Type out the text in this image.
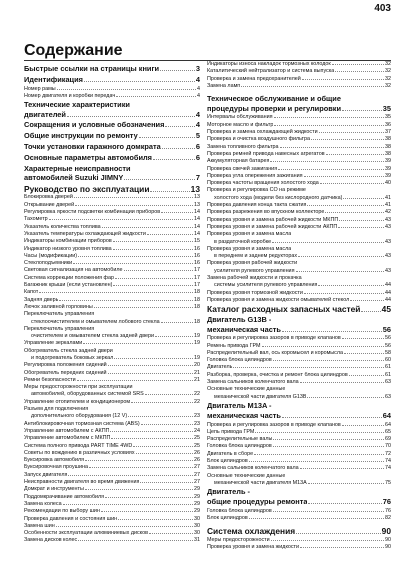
403
Содержание
Быстрые ссылки на страницы книги	3
Идентификация	4
Номер рамы	4
Номер двигателя и коробки передач	4
Технические характеристики
двигателей	4
Сокращения и условные обозначения	4
Общие инструкции по ремонту	5
Точки установки гаражного домкрата	6
Основные параметры автомобиля	6
Характерные неисправности
автомобилей Suzuki JIMNY	7
Руководство по эксплуатации	13
Блокировка дверей	13
Открывание дверей	13
Регулировка яркости подсветки комбинации приборов	14
Тахометр	14
Указатель количества топлива	14
Указатель температуры охлаждающей жидкости	14
Индикаторы комбинации приборов	15
Индикатор низкого уровня топлива	16
Часы (модификации)	16
Стеклоподъемники	16
Световая сигнализация на автомобиле	17
Система коррекции положения фар	17
Багажник крыши (если установлен)	17
Капот	18
Задняя дверь	18
Лючок заливной горловины	18
Переключатель управления
стеклоочистителем и омывателем лобового стекла	18
Переключатель управления
очистителем и омывателем стекла задней двери	19
Управление зеркалами	19
Обогреватель стекла задней двери
и подогреватель боковых зеркал	19
Регулировка положения сидений	20
Обогреватель передних сидений	21
Ремни безопасности	21
Меры предосторожности при эксплуатации
автомобилей, оборудованных системой SRS	22
Управление отопителем и кондиционером	22
Разъем для подключения
дополнительного оборудования (12 V)	23
Антиблокировочная тормозная система (ABS)	23
Управление автомобилем с АКПП	24
Управление автомобилем с МКПП	25
Система полного привода PART TIME 4WD	25
Советы по вождению в различных условиях	26
Буксировка автомобиля	26
Буксировочная проушина	27
Запуск двигателя	27
Неисправности двигателя во время движения	27
Домкрат и инструменты	29
Поддомкрачивание автомобиля	29
Замена колеса	29
Рекомендации по выбору шин	29
Проверка давления и состояния шин	30
Замена шин	30
Особенности эксплуатации алюминиевых дисков	30
Замена дисков колес	31
Индикаторы износа накладок тормозных колодок	32
Каталитический нейтрализатор и система выпуска	32
Проверка и замена предохранителей	32
Замена ламп	32
Техническое обслуживание и общие
процедуры проверки и регулировки	35
Интервалы обслуживания	35
Моторное масло и фильтр	36
Проверка и замена охлаждающей жидкости	37
Проверка и очистка воздушного фильтра	38
Замена топливного фильтра	38
Проверка ремней привода навесных агрегатов	38
Аккумуляторная батарея	39
Проверка свечей зажигания	39
Проверка угла опережения зажигания	39
Проверка частоты вращения холостого хода	40
Проверка и регулировка СО на режиме
холостого хода (модели без кислородного датчика)	41
Проверка давления конца такта сжатия	41
Проверка разрежения во впускном коллекторе	42
Проверка уровня и замена рабочей жидкости МКПП	43
Проверка уровня и замена рабочей жидкости АКПП	43
Проверка уровня и замена масла
в раздаточной коробке	43
Проверка уровня и замена масла
в переднем и заднем редукторах	43
Проверка уровня рабочей жидкости
усилителя рулевого управления	43
Замена рабочей жидкости и прокачка
системы усилителя рулевого управления	44
Проверка уровня тормозной жидкости	44
Проверка уровня и замена жидкости омывателей стекол	44
Каталог расходных запасных частей	45
Двигатель G13B -
механическая часть	56
Проверка и регулировка зазоров в приводе клапанов	56
Ремень привода ГРМ	56
Распределительный вал, ось коромысел и коромысла	58
Головка блока цилиндров	60
Двигатель	61
Разборка, проверка, очистка и ремонт блока цилиндров	61
Замена сальников коленчатого вала	63
Основные технические данные
механической части двигателя G13B	63
Двигатель M13A -
механическая часть	64
Проверка и регулировка зазоров в приводе клапанов	64
Цепь привода ГРМ	65
Распределительные валы	69
Головка блока цилиндров	70
Двигатель в сборе	72
Блок цилиндров	74
Замена сальников коленчатого вала	74
Основные технические данные
механической части двигателя M13A	75
Двигатель -
общие процедуры ремонта	76
Головка блока цилиндров	76
Блок цилиндров	82
Система охлаждения	90
Меры предосторожности	90
Проверка уровня и замена жидкости	90
